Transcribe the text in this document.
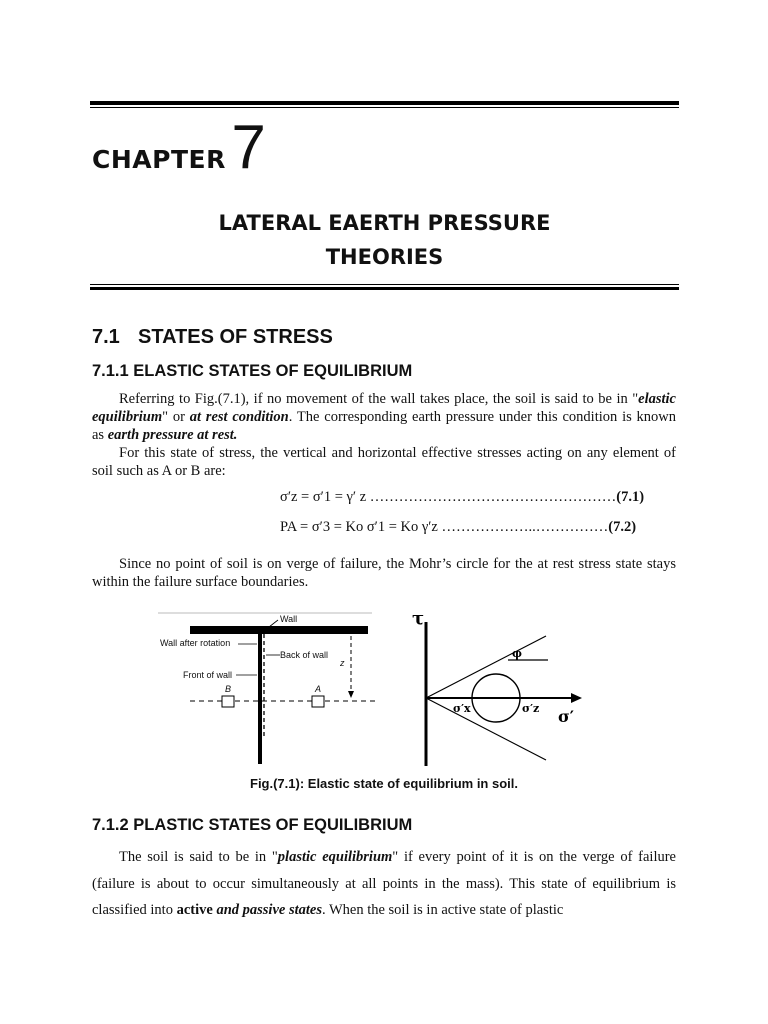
CHAPTER 7
LATERAL EAERTH PRESSURE
THEORIES
7.1 STATES OF STRESS
7.1.1 ELASTIC STATES OF EQUILIBRIUM

Referring to Fig.(7.1), if no movement of the wall takes place, the soil is said to be in "elastic equilibrium" or at rest condition. The corresponding earth pressure under this condition is known as earth pressure at rest.

For this state of stress, the vertical and horizontal effective stresses acting on any element of soil such as A or B are:

σ′z = σ′1 = γ′ z ……………………………………………(7.1)
PA = σ′3 = Ko σ′1 = Ko γ′z ………………..……………(7.2)
Since no point of soil is on verge of failure, the Mohr’s circle for the at rest stress state stays within the failure surface boundaries.
Wall
Wall after rotation
Back of wall
Front of wall
B	A
z
τ
φ
σ′x	σ′z σ′
Fig.(7.1): Elastic state of equilibrium in soil.
7.1.2 PLASTIC STATES OF EQUILIBRIUM

The soil is said to be in "plastic equilibrium" if every point of it is on the verge of failure (failure is about to occur simultaneously at all points in the mass). This state of equilibrium is classified into active and passive states. When the soil is in active state of plastic
